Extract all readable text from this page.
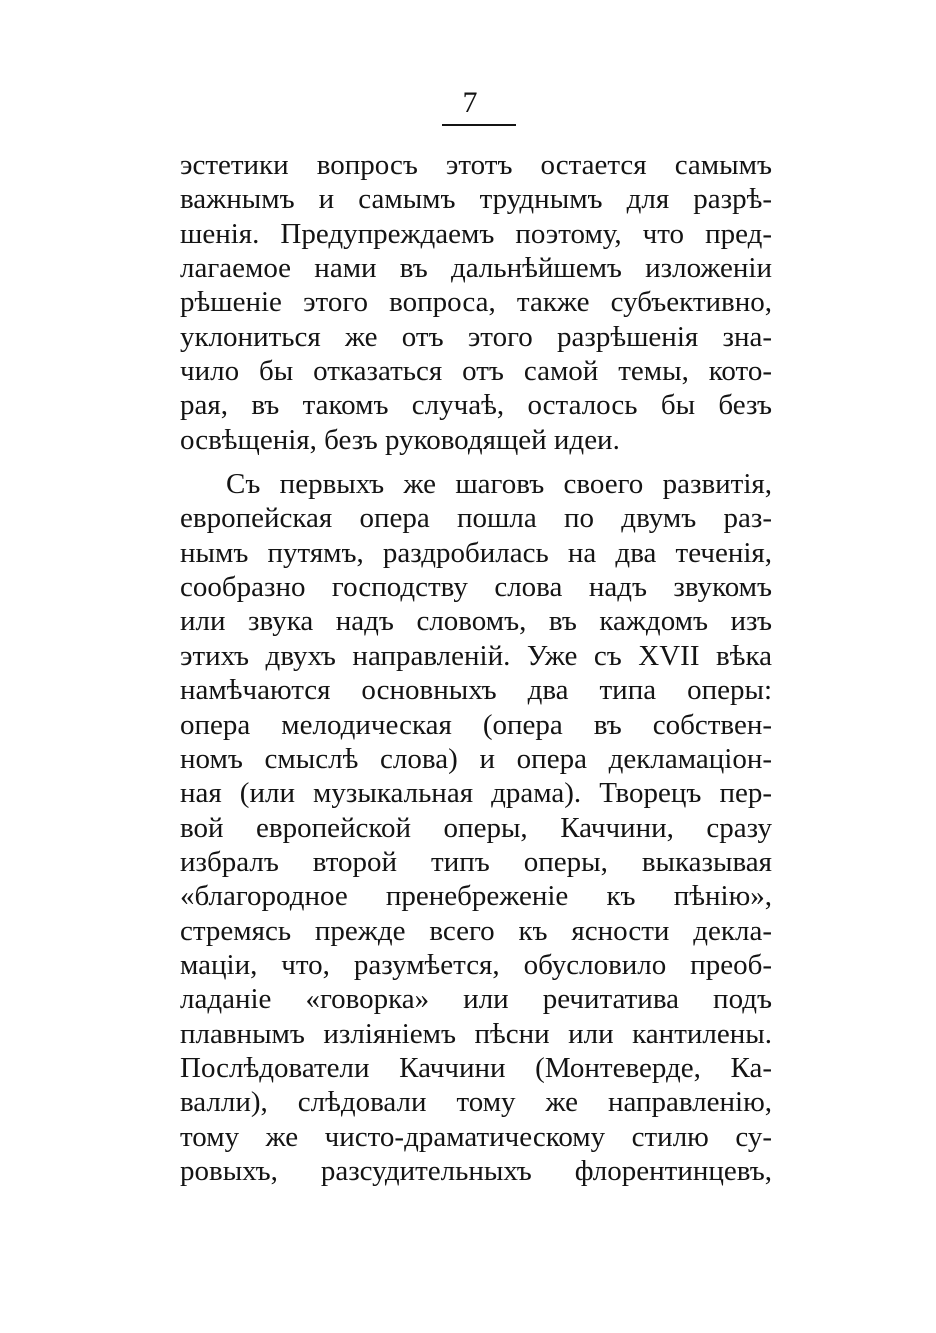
7
эстетики вопросъ этотъ остается самымъ
важнымъ и самымъ труднымъ для разрѣ-
шенія. Предупреждаемъ поэтому, что пред-
лагаемое нами въ дальнѣйшемъ изложеніи
рѣшеніе этого вопроса, также субъективно,
уклониться же отъ этого разрѣшенія зна-
чило бы отказаться отъ самой темы, кото-
рая, въ такомъ случаѣ, осталось бы безъ
освѣщенія, безъ руководящей идеи.
Съ первыхъ же шаговъ своего развитія,
европейская опера пошла по двумъ раз-
нымъ путямъ, раздробилась на два теченія,
сообразно господству слова надъ звукомъ
или звука надъ словомъ, въ каждомъ изъ
этихъ двухъ направленій. Уже съ XVII вѣка
намѣчаются основныхъ два типа оперы:
опера мелодическая (опера въ собствен-
номъ смыслѣ слова) и опера декламаціон-
ная (или музыкальная драма). Творецъ пер-
вой европейской оперы, Каччини, сразу
избралъ второй типъ оперы, выказывая
«благородное пренебреженіе къ пѣнію»,
стремясь прежде всего къ ясности декла-
маціи, что, разумѣется, обусловило преоб-
ладаніе «говорка» или речитатива подъ
плавнымъ изліяніемъ пѣсни или кантилены.
Послѣдователи Каччини (Монтеверде, Ка-
валли), слѣдовали тому же направленію,
тому же чисто-драматическому стилю су-
ровыхъ, разсудительныхъ флорентинцевъ,
